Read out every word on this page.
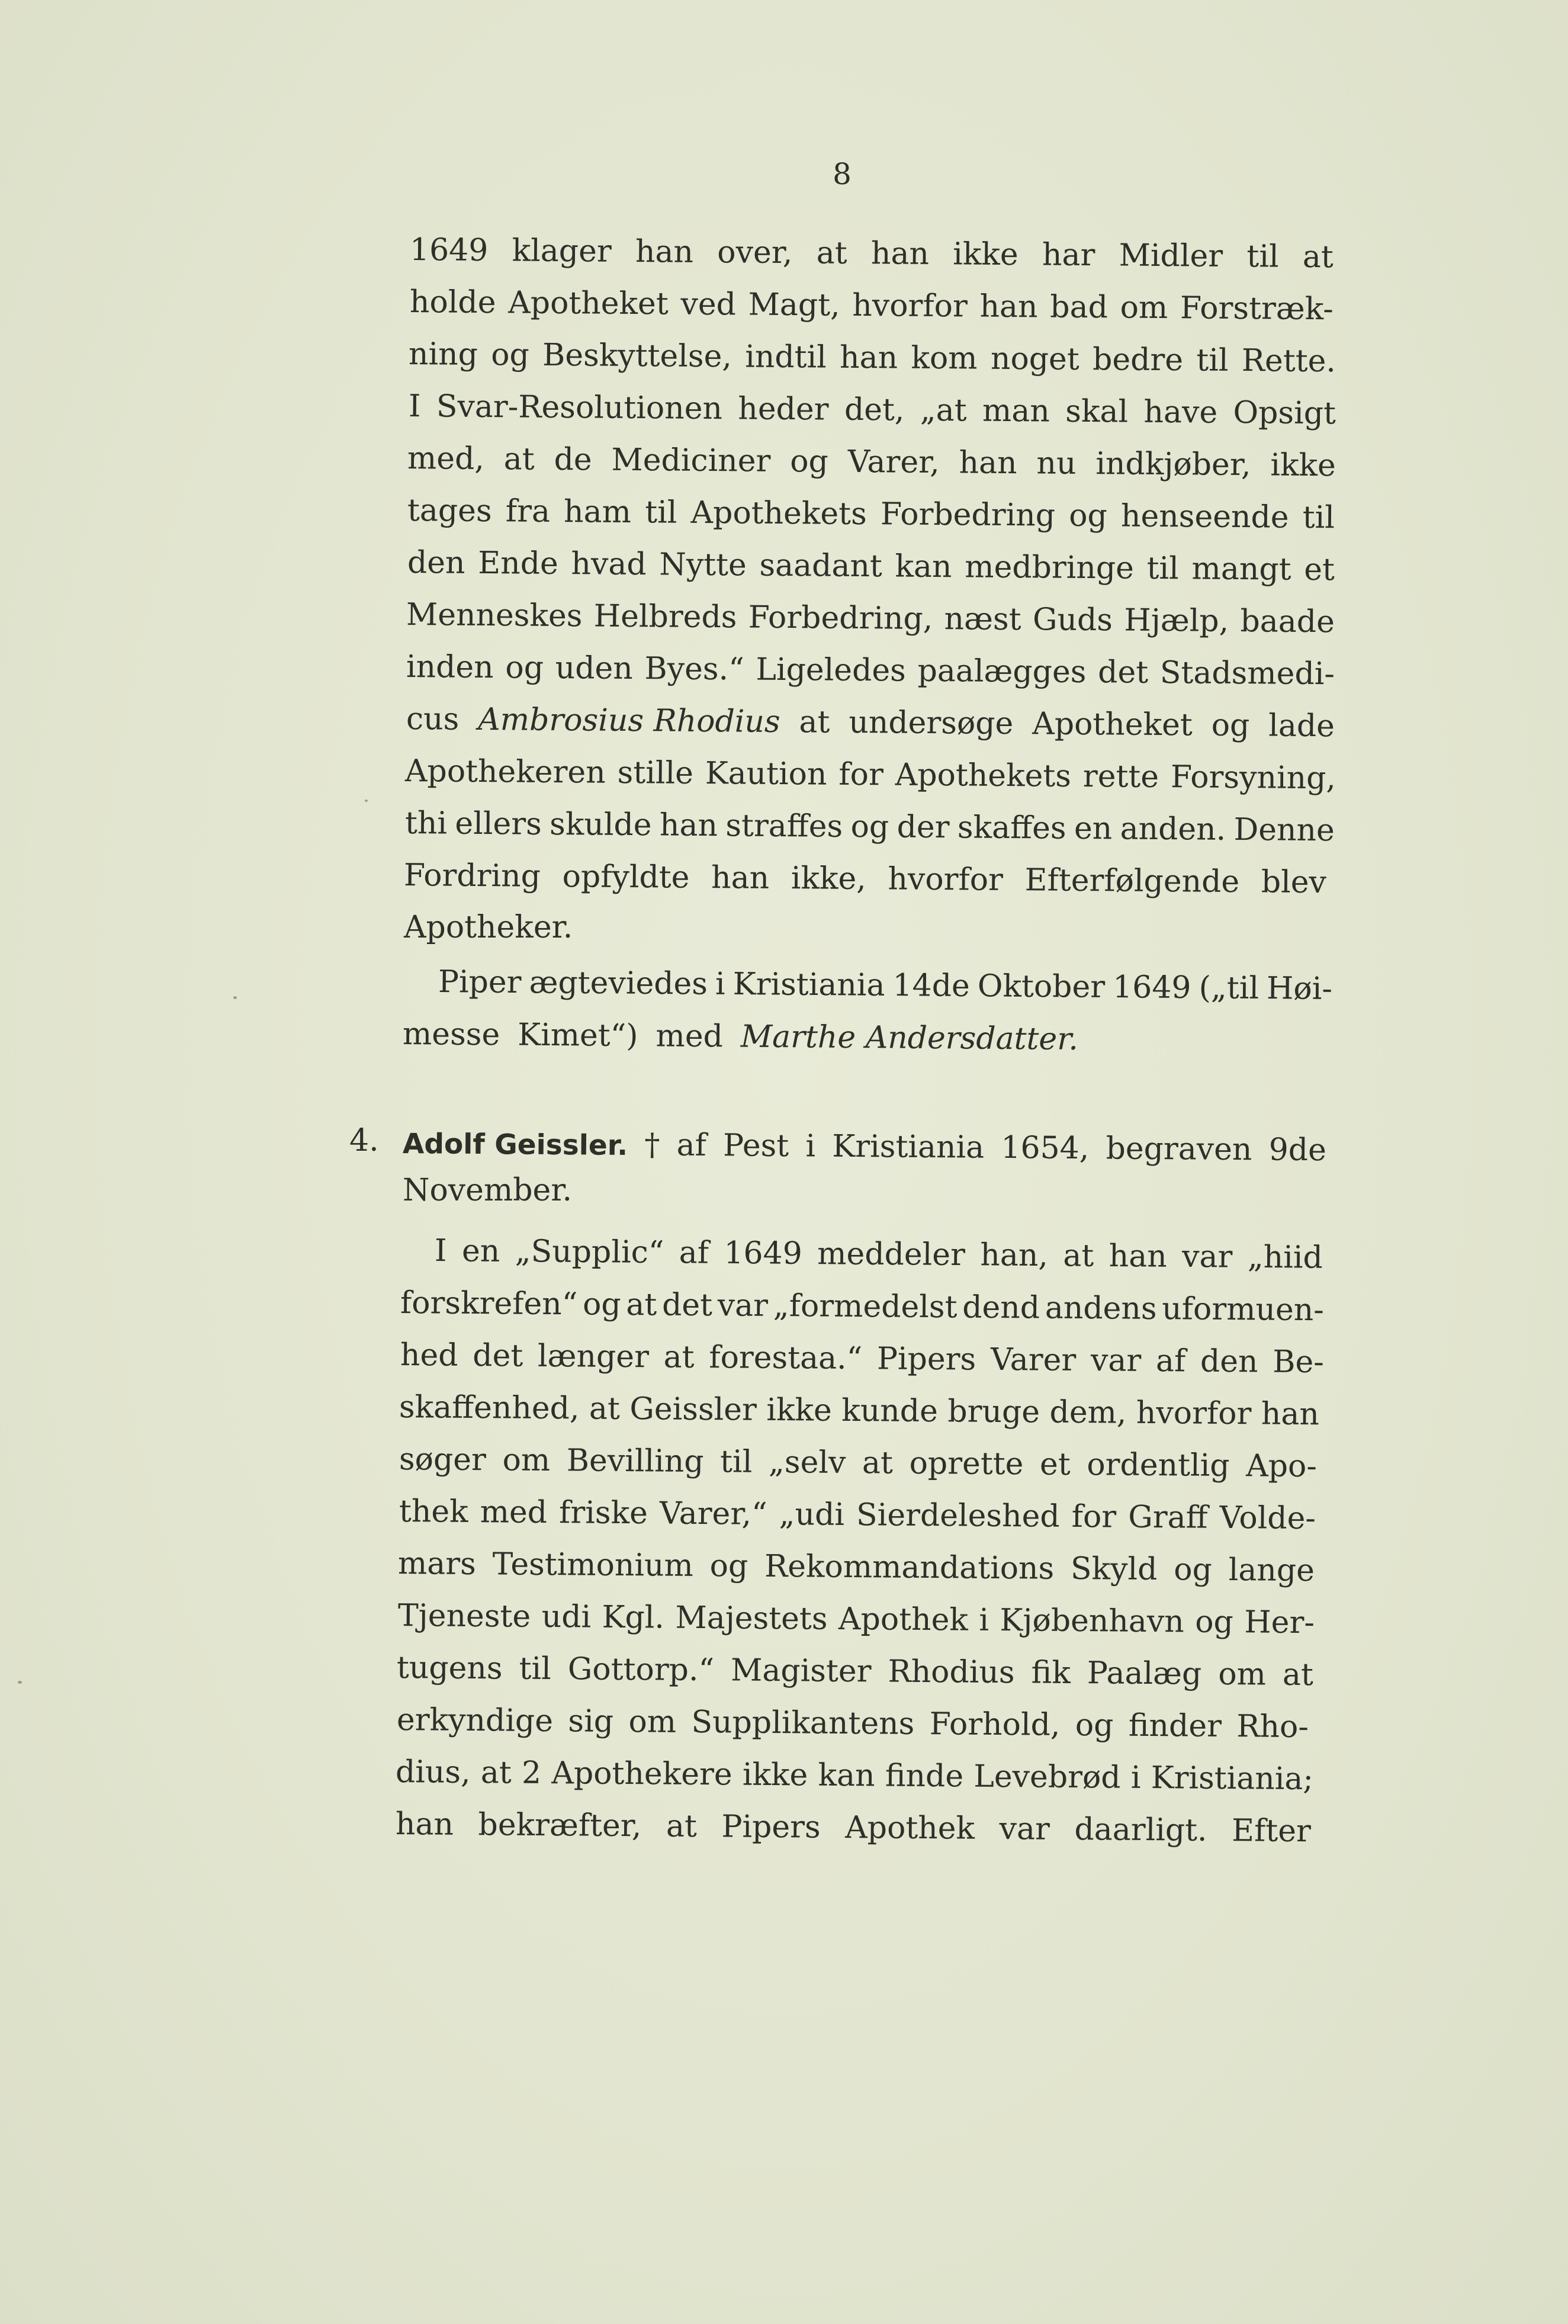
8
1649 klager han over, at han ikke har Midler til at
holde Apotheket ved Magt, hvorfor han bad om Forstræk-
ning og Beskyttelse, indtil han kom noget bedre til Rette.
I Svar-Resolutionen heder det, „at man skal have Opsigt
med, at de Mediciner og Varer, han nu indkjøber, ikke
tages fra ham til Apothekets Forbedring og henseende til
den Ende hvad Nytte saadant kan medbringe til mangt et
Menneskes Helbreds Forbedring, næst Guds Hjælp, baade
inden og uden Byes.“ Ligeledes paalægges det Stadsmedi-
cus Ambrosius Rhodius at undersøge Apotheket og lade
Apothekeren stille Kaution for Apothekets rette Forsyning,
thi ellers skulde han straffes og der skaffes en anden. Denne
Fordring opfyldte han ikke, hvorfor Efterfølgende blev
Apotheker.
Piper ægteviedes i Kristiania 14de Oktober 1649 („til Høi-
messe Kimet“) med Marthe Andersdatter.
4. Adolf Geissler. † af Pest i Kristiania 1654, begraven 9de
November.
I en „Supplic“ af 1649 meddeler han, at han var „hiid
forskrefen“ og at det var „formedelst dend andens uformuen-
hed det længer at forestaa.“ Pipers Varer var af den Be-
skaffenhed, at Geissler ikke kunde bruge dem, hvorfor han
søger om Bevilling til „selv at oprette et ordentlig Apo-
thek med friske Varer,“ „udi Sierdeleshed for Graff Volde-
mars Testimonium og Rekommandations Skyld og lange
Tjeneste udi Kgl. Majestets Apothek i Kjøbenhavn og Her-
tugens til Gottorp.“ Magister Rhodius fik Paalæg om at
erkyndige sig om Supplikantens Forhold, og finder Rho-
dius, at 2 Apothekere ikke kan finde Levebrød i Kristiania;
han bekræfter, at Pipers Apothek var daarligt. Efter
